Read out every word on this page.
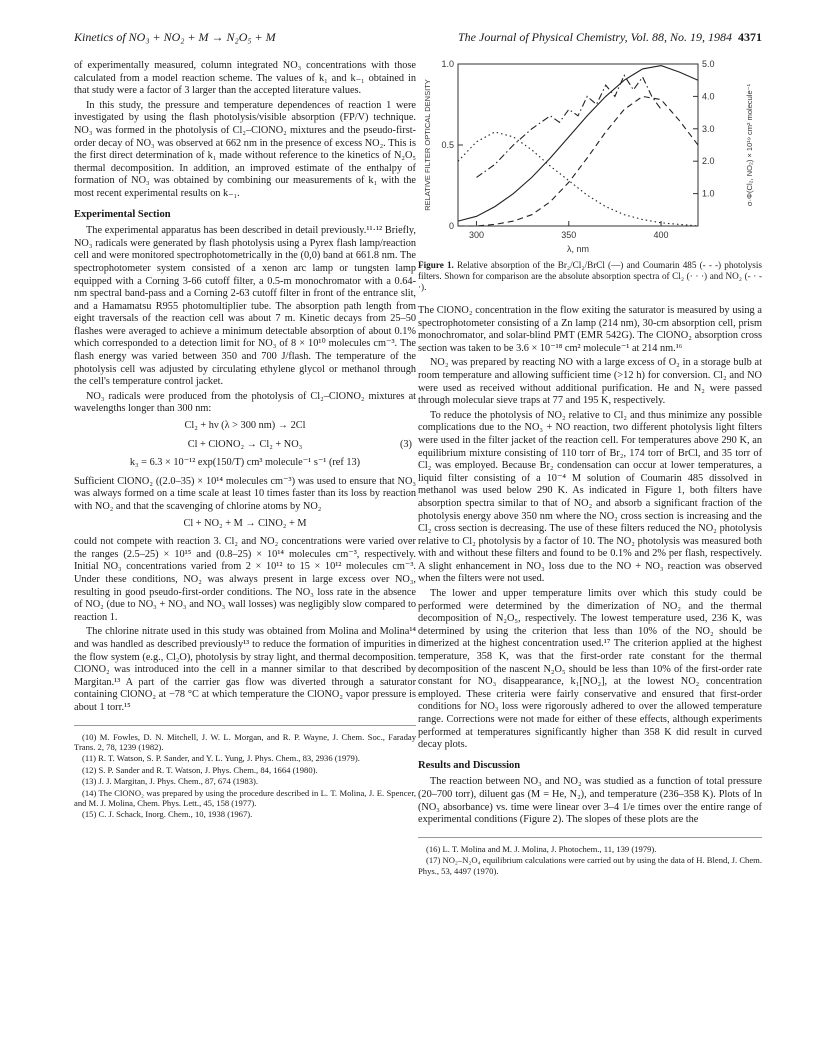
Kinetics of NO₃ + NO₂ + M → N₂O₅ + M	The Journal of Physical Chemistry, Vol. 88, No. 19, 1984 4371

of experimentally measured, column integrated NO₃ concentrations with those calculated from a model reaction scheme. The values of k₁ and k₋₁ obtained in that study were a factor of 3 larger than the accepted literature values.

In this study, the pressure and temperature dependences of reaction 1 were investigated by using the flash photolysis/visible absorption (FP/V) technique. NO₃ was formed in the photolysis of Cl₂–ClONO₂ mixtures and the pseudo-first-order decay of NO₃ was observed at 662 nm in the presence of excess NO₂. This is the first direct determination of k₁ made without reference to the kinetics of N₂O₅ thermal decomposition. In addition, an improved estimate of the enthalpy of formation of NO₃ was obtained by combining our measurements of k₁ with the most recent experimental results on k₋₁.

Experimental Section

The experimental apparatus has been described in detail previously.¹¹·¹² Briefly, NO₃ radicals were generated by flash photolysis using a Pyrex flash lamp/reaction cell and were monitored spectrophotometrically in the (0,0) band at 661.8 nm. The spectrophotometer system consisted of a xenon arc lamp or tungsten lamp equipped with a Corning 3-66 cutoff filter, a 0.5-m monochromator with a 0.64-nm spectral band-pass and a Corning 2-63 cutoff filter in front of the entrance slit, and a Hamamatsu R955 photomultiplier tube. The absorption path length from eight traversals of the reaction cell was about 7 m. Kinetic decays from 25–50 flashes were averaged to achieve a minimum detectable absorption of about 0.1% which corresponded to a detection limit for NO₃ of 8 × 10¹⁰ molecules cm⁻³. The flash energy was varied between 350 and 700 J/flash. The temperature of the photolysis cell was adjusted by circulating ethylene glycol or methanol through the cell's temperature control jacket.

NO₃ radicals were produced from the photolysis of Cl₂–ClONO₂ mixtures at wavelengths longer than 300 nm:

Cl₂ + hν (λ > 300 nm) → 2Cl
Cl + ClONO₂ → Cl₂ + NO₃	(3)
k₃ = 6.3 × 10⁻¹² exp(150/T) cm³ molecule⁻¹ s⁻¹ (ref 13)

Sufficient ClONO₂ ((2.0–35) × 10¹⁴ molecules cm⁻³) was used to ensure that NO₃ was always formed on a time scale at least 10 times faster than its loss by reaction with NO₂ and that the scavenging of chlorine atoms by NO₂

Cl + NO₂ + M → ClNO₂ + M

could not compete with reaction 3. Cl₂ and NO₂ concentrations were varied over the ranges (2.5–25) × 10¹⁵ and (0.8–25) × 10¹⁴ molecules cm⁻³, respectively. Initial NO₃ concentrations varied from 2 × 10¹² to 15 × 10¹² molecules cm⁻³. Under these conditions, NO₂ was always present in large excess over NO₃, resulting in good pseudo-first-order conditions. The NO₃ loss rate in the absence of NO₂ (due to NO₃ + NO₃ and NO₃ wall losses) was negligibly slow compared to reaction 1.

The chlorine nitrate used in this study was obtained from Molina and Molina¹⁴ and was handled as described previously¹³ to reduce the formation of impurities in the flow system (e.g., Cl₂O), photolysis by stray light, and thermal decomposition. ClONO₂ was introduced into the cell in a manner similar to that described by Margitan.¹³ A part of the carrier gas flow was diverted through a saturator containing ClONO₂ at −78 °C at which temperature the ClONO₂ vapor pressure is about 1 torr.¹⁵

(10) M. Fowles, D. N. Mitchell, J. W. L. Morgan, and R. P. Wayne, J. Chem. Soc., Faraday Trans. 2, 78, 1239 (1982).
(11) R. T. Watson, S. P. Sander, and Y. L. Yung, J. Phys. Chem., 83, 2936 (1979).
(12) S. P. Sander and R. T. Watson, J. Phys. Chem., 84, 1664 (1980).
(13) J. J. Margitan, J. Phys. Chem., 87, 674 (1983).
(14) The ClONO₂ was prepared by using the procedure described in L. T. Molina, J. E. Spencer, and M. J. Molina, Chem. Phys. Lett., 45, 158 (1977).
(15) C. J. Schack, Inorg. Chem., 10, 1938 (1967).
300	350	400
0
0.5
1.0
1.0
2.0
3.0
4.0
5.0
λ, nm
RELATIVE FILTER OPTICAL DENSITY	σ·Φ(Cl₂, NO₂) × 10¹⁹ cm² molecule⁻¹
Figure 1. Relative absorption of the Br₂/Cl₂/BrCl (—) and Coumarin 485 (- - -) photolysis filters. Shown for comparison are the absolute absorption spectra of Cl₂ (· · ·) and NO₂ (- · - ·).

The ClONO₂ concentration in the flow exiting the saturator is measured by using a spectrophotometer consisting of a Zn lamp (214 nm), 30-cm absorption cell, prism monochromator, and solar-blind PMT (EMR 542G). The ClONO₂ absorption cross section was taken to be 3.6 × 10⁻¹⁸ cm² molecule⁻¹ at 214 nm.¹⁶

NO₂ was prepared by reacting NO with a large excess of O₂ in a storage bulb at room temperature and allowing sufficient time (>12 h) for conversion. Cl₂ and NO were used as received without additional purification. He and N₂ were passed through molecular sieve traps at 77 and 195 K, respectively.

To reduce the photolysis of NO₂ relative to Cl₂ and thus minimize any possible complications due to the NO₃ + NO reaction, two different photolysis light filters were used in the filter jacket of the reaction cell. For temperatures above 290 K, an equilibrium mixture consisting of 110 torr of Br₂, 174 torr of BrCl, and 35 torr of Cl₂ was employed. Because Br₂ condensation can occur at lower temperatures, a liquid filter consisting of a 10⁻⁴ M solution of Coumarin 485 dissolved in methanol was used below 290 K. As indicated in Figure 1, both filters have absorption spectra similar to that of NO₂ and absorb a significant fraction of the photolysis energy above 350 nm where the NO₂ cross section is increasing and the Cl₂ cross section is decreasing. The use of these filters reduced the NO₂ photolysis relative to Cl₂ photolysis by a factor of 10. The NO₂ photolysis was measured both with and without these filters and found to be 0.1% and 2% per flash, respectively. A slight enhancement in NO₃ loss due to the NO + NO₃ reaction was observed when the filters were not used.

The lower and upper temperature limits over which this study could be performed were determined by the dimerization of NO₂ and the thermal decomposition of N₂O₅, respectively. The lowest temperature used, 236 K, was determined by using the criterion that less than 10% of the NO₂ should be dimerized at the highest concentration used.¹⁷ The criterion applied at the highest temperature, 358 K, was that the first-order rate constant for the thermal decomposition of the nascent N₂O₅ should be less than 10% of the first-order rate constant for NO₃ disappearance, k₁[NO₂], at the lowest NO₂ concentration employed. These criteria were fairly conservative and ensured that first-order conditions for NO₃ loss were rigorously adhered to over the allowed temperature range. Corrections were not made for either of these effects, although experiments performed at temperatures significantly higher than 358 K did result in curved decay plots.

Results and Discussion

The reaction between NO₃ and NO₂ was studied as a function of total pressure (20–700 torr), diluent gas (M = He, N₂), and temperature (236–358 K). Plots of ln (NO₃ absorbance) vs. time were linear over 3–4 1/e times over the entire range of experimental conditions (Figure 2). The slopes of these plots are the

(16) L. T. Molina and M. J. Molina, J. Photochem., 11, 139 (1979).
(17) NO₂–N₂O₄ equilibrium calculations were carried out by using the data of H. Blend, J. Chem. Phys., 53, 4497 (1970).
